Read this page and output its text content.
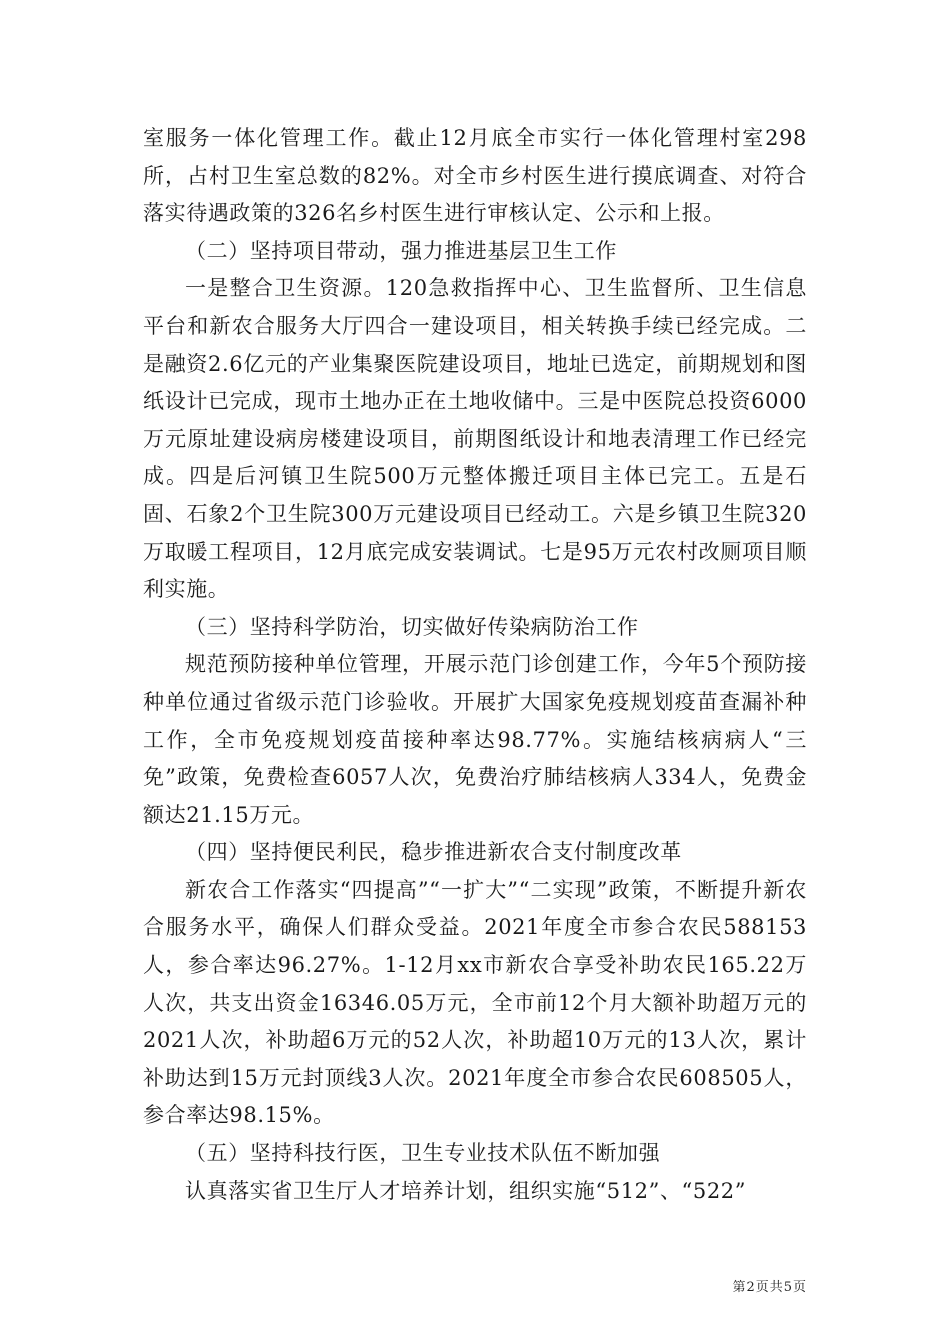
室服务一体化管理工作。截止12月底全市实行一体化管理村室298所，占村卫生室总数的82%。对全市乡村医生进行摸底调查、对符合落实待遇政策的326名乡村医生进行审核认定、公示和上报。

（二）坚持项目带动，强力推进基层卫生工作

一是整合卫生资源。120急救指挥中心、卫生监督所、卫生信息平台和新农合服务大厅四合一建设项目，相关转换手续已经完成。二是融资2.6亿元的产业集聚医院建设项目，地址已选定，前期规划和图纸设计已完成，现市土地办正在土地收储中。三是中医院总投资6000万元原址建设病房楼建设项目，前期图纸设计和地表清理工作已经完成。四是后河镇卫生院500万元整体搬迁项目主体已完工。五是石固、石象2个卫生院300万元建设项目已经动工。六是乡镇卫生院320万取暖工程项目，12月底完成安装调试。七是95万元农村改厕项目顺利实施。

（三）坚持科学防治，切实做好传染病防治工作

规范预防接种单位管理，开展示范门诊创建工作，今年5个预防接种单位通过省级示范门诊验收。开展扩大国家免疫规划疫苗查漏补种工作，全市免疫规划疫苗接种率达98.77%。实施结核病病人“三免”政策，免费检查6057人次，免费治疗肺结核病人334人，免费金额达21.15万元。

（四）坚持便民利民，稳步推进新农合支付制度改革

新农合工作落实“四提高”“一扩大”“二实现”政策，不断提升新农合服务水平，确保人们群众受益。2021年度全市参合农民588153人，参合率达96.27%。1-12月xx市新农合享受补助农民165.22万人次，共支出资金16346.05万元，全市前12个月大额补助超万元的2021人次，补助超6万元的52人次，补助超10万元的13人次，累计补助达到15万元封顶线3人次。2021年度全市参合农民608505人，参合率达98.15%。

（五）坚持科技行医，卫生专业技术队伍不断加强

认真落实省卫生厅人才培养计划，组织实施“512”、“522”

第2页共5页
